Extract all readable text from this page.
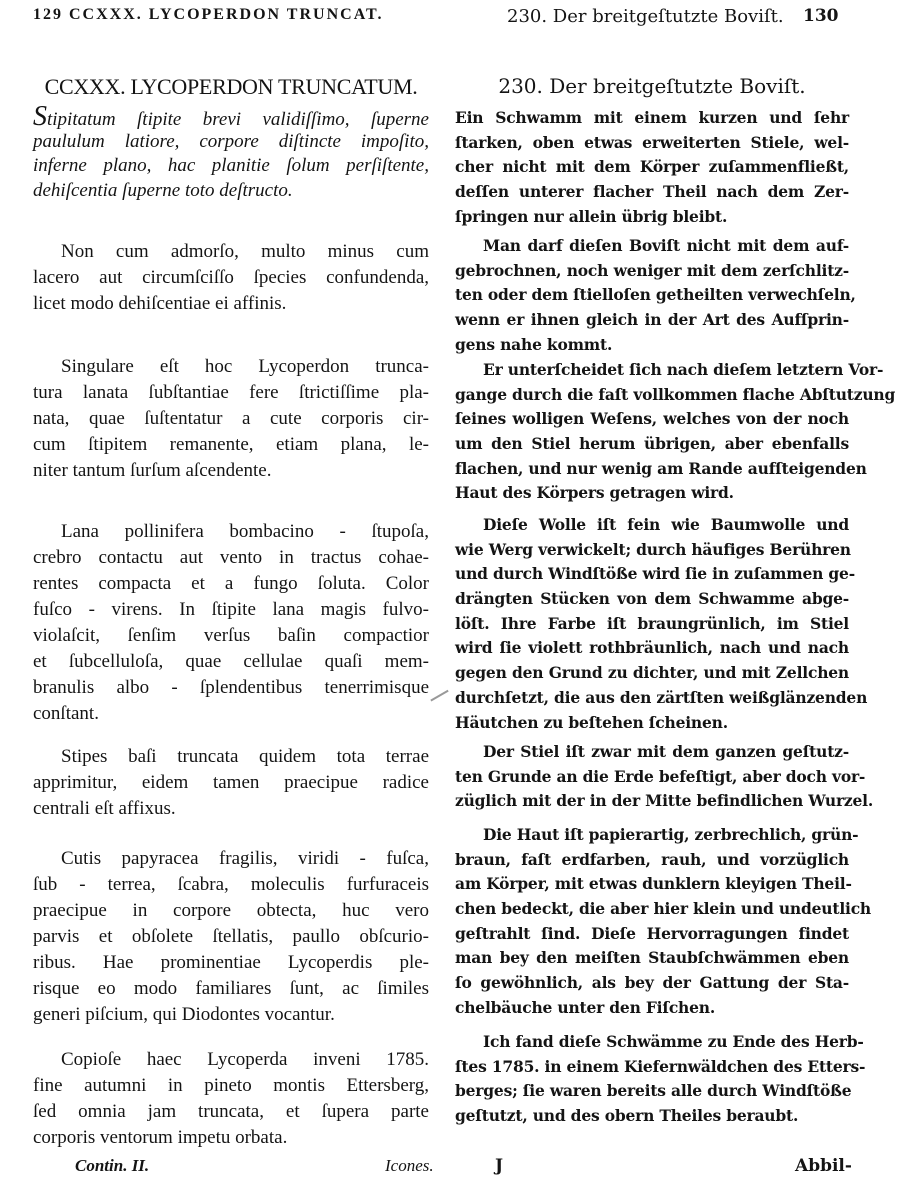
129 CCXXX. LYCOPERDON TRUNCAT.
CCXXX. LYCOPERDON TRUNCATUM.
Stipitatum ſtipite brevi validiſſimo, ſuperne
paululum latiore, corpore diſtincte impoſito,
inferne plano, hac planitie ſolum perſiſtente,
dehiſcentia ſuperne toto deſtructo.
Non cum admorſo, multo minus cum
lacero aut circumſciſſo ſpecies confundenda,
licet modo dehiſcentiae ei affinis.
Singulare eſt hoc Lycoperdon trunca-
tura lanata ſubſtantiae fere ſtrictiſſime pla-
nata, quae ſuſtentatur a cute corporis cir-
cum ſtipitem remanente, etiam plana, le-
niter tantum ſurſum aſcendente.
Lana pollinifera bombacino - ſtupoſa,
crebro contactu aut vento in tractus cohae-
rentes compacta et a fungo ſoluta. Color
fuſco - virens. In ſtipite lana magis fulvo-
violaſcit, ſenſim verſus baſin compactior
et ſubcelluloſa, quae cellulae quaſi mem-
branulis albo - ſplendentibus tenerrimisque
conſtant.
Stipes baſi truncata quidem tota terrae
apprimitur, eidem tamen praecipue radice
centrali eſt affixus.
Cutis papyracea fragilis, viridi - fuſca,
ſub - terrea, ſcabra, moleculis furfuraceis
praecipue in corpore obtecta, huc vero
parvis et obſolete ſtellatis, paullo obſcurio-
ribus. Hae prominentiae Lycoperdis ple-
risque eo modo familiares ſunt, ac ſimiles
generi piſcium, qui Diodontes vocantur.
Copioſe haec Lycoperda inveni 1785.
fine autumni in pineto montis Ettersberg,
ſed omnia jam truncata, et ſupera parte
corporis ventorum impetu orbata.
Contin. II.	Icones.
230. Der breitgeſtutzte Boviſt.	130
230. Der breitgeſtutzte Boviſt.
Ein Schwamm mit einem kurzen und ſehr
ſtarken, oben etwas erweiterten Stiele, wel-
cher nicht mit dem Körper zuſammenfließt,
deſſen unterer flacher Theil nach dem Zer-
ſpringen nur allein übrig bleibt.
Man darf dieſen Boviſt nicht mit dem auf-
gebrochnen, noch weniger mit dem zerſchlitz-
ten oder dem ſtielloſen getheilten verwechſeln,
wenn er ihnen gleich in der Art des Aufſprin-
gens nahe kommt.
Er unterſcheidet ſich nach dieſem letztern Vor-
gange durch die faſt vollkommen flache Abſtutzung
ſeines wolligen Weſens, welches von der noch
um den Stiel herum übrigen, aber ebenfalls
flachen, und nur wenig am Rande aufſteigenden
Haut des Körpers getragen wird.
Dieſe Wolle iſt fein wie Baumwolle und
wie Werg verwickelt; durch häufiges Berühren
und durch Windſtöße wird ſie in zuſammen ge-
drängten Stücken von dem Schwamme abge-
löſt. Ihre Farbe iſt braungrünlich, im Stiel
wird ſie violett rothbräunlich, nach und nach
gegen den Grund zu dichter, und mit Zellchen
durchſetzt, die aus den zärtſten weißglänzenden
Häutchen zu beſtehen ſcheinen.
Der Stiel iſt zwar mit dem ganzen geſtutz-
ten Grunde an die Erde befeſtigt, aber doch vor-
züglich mit der in der Mitte befindlichen Wurzel.
Die Haut iſt papierartig, zerbrechlich, grün-
braun, faſt erdfarben, rauh, und vorzüglich
am Körper, mit etwas dunklern kleyigen Theil-
chen bedeckt, die aber hier klein und undeutlich
geſtrahlt ſind. Dieſe Hervorragungen findet
man bey den meiſten Staubſchwämmen eben
ſo gewöhnlich, als bey der Gattung der Sta-
chelbäuche unter den Fiſchen.
Ich fand dieſe Schwämme zu Ende des Herb-
ſtes 1785. in einem Kiefernwäldchen des Etters-
berges; ſie waren bereits alle durch Windſtöße
geſtutzt, und des obern Theiles beraubt.
J	Abbil-
